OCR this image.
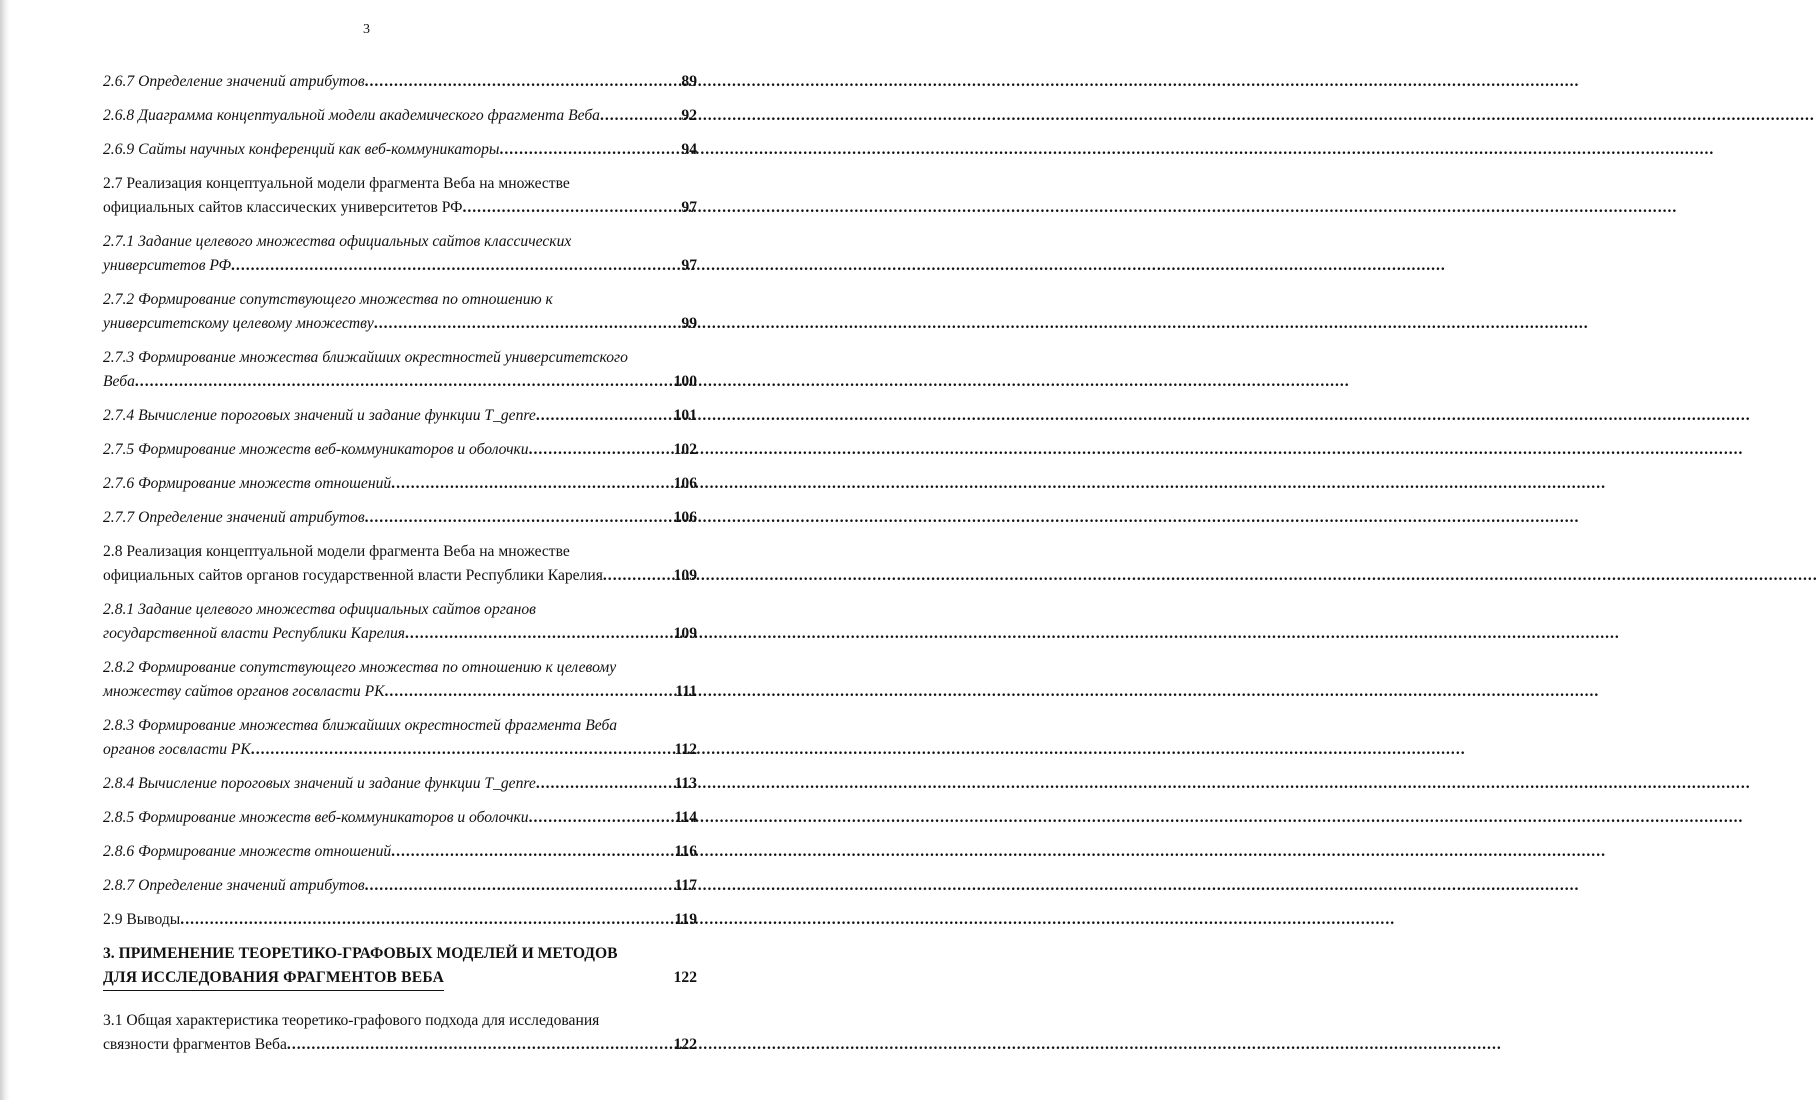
3
2.6.7 Определение значений атрибутов .....	89
2.6.8 Диаграмма концептуальной модели академического фрагмента Веба .....	92
2.6.9 Сайты научных конференций как веб-коммуникаторы .....	94
2.7 Реализация концептуальной модели фрагмента Веба на множестве
официальных сайтов классических университетов РФ .....	97
2.7.1 Задание целевого множества официальных сайтов классических
университетов РФ .....	97
2.7.2 Формирование сопутствующего множества по отношению к
университетскому целевому множеству .....	99
2.7.3 Формирование множества ближайших окрестностей университетского
Веба .....	100
2.7.4 Вычисление пороговых значений и задание функции T_genre .....	101
2.7.5 Формирование множеств веб-коммуникаторов и оболочки .....	102
2.7.6 Формирование множеств отношений .....	106
2.7.7 Определение значений атрибутов .....	106
2.8 Реализация концептуальной модели фрагмента Веба на множестве
официальных сайтов органов государственной власти Республики Карелия .....	109
2.8.1 Задание целевого множества официальных сайтов органов
государственной власти Республики Карелия .....	109
2.8.2 Формирование сопутствующего множества по отношению к целевому
множеству сайтов органов госвласти РК .....	111
2.8.3 Формирование множества ближайших окрестностей фрагмента Веба
органов госвласти РК .....	112
2.8.4 Вычисление пороговых значений и задание функции T_genre .....	113
2.8.5 Формирование множеств веб-коммуникаторов и оболочки .....	114
2.8.6 Формирование множеств отношений .....	116
2.8.7 Определение значений атрибутов .....	117
2.9 Выводы .....	119
3. ПРИМЕНЕНИЕ ТЕОРЕТИКО-ГРАФОВЫХ МОДЕЛЕЙ И МЕТОДОВ
ДЛЯ ИССЛЕДОВАНИЯ ФРАГМЕНТОВ ВЕБА	122
3.1 Общая характеристика теоретико-графового подхода для исследования
связности фрагментов Веба .....	122
